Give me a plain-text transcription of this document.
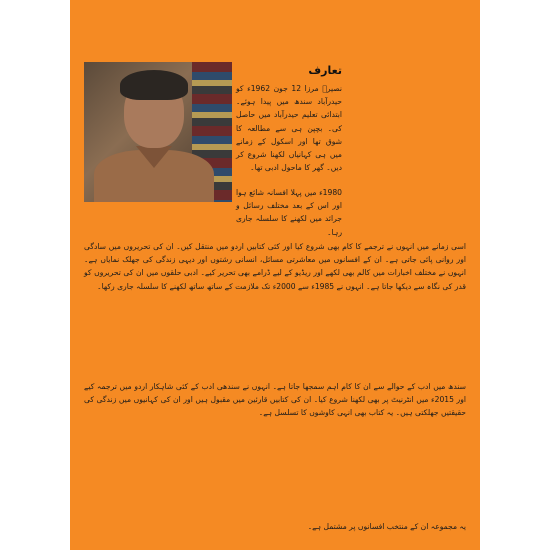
تعارف
نصیرؔ مرزا 12 جون 1962ء کو حیدرآباد سندھ میں پیدا ہوئے۔ ابتدائی تعلیم حیدرآباد میں حاصل کی۔ بچپن ہی سے مطالعہ کا شوق تھا اور اسکول کے زمانے میں ہی کہانیاں لکھنا شروع کر دیں۔ گھر کا ماحول ادبی تھا۔
1980ء میں پہلا افسانہ شائع ہوا اور اس کے بعد مختلف رسائل و جرائد میں لکھنے کا سلسلہ جاری رہا۔
اسی زمانے میں انہوں نے ترجمے کا کام بھی شروع کیا اور کئی کتابیں اردو میں منتقل کیں۔ ان کی تحریروں میں سادگی اور روانی پائی جاتی ہے۔ ان کے افسانوں میں معاشرتی مسائل، انسانی رشتوں اور دیہی زندگی کی جھلک نمایاں ہے۔ انہوں نے مختلف اخبارات میں کالم بھی لکھے اور ریڈیو کے لیے ڈرامے بھی تحریر کیے۔ ادبی حلقوں میں ان کی تحریروں کو قدر کی نگاہ سے دیکھا جاتا ہے۔ انہوں نے 1985ء سے 2000ء تک ملازمت کے ساتھ ساتھ لکھنے کا سلسلہ جاری رکھا۔
سندھ میں ادب کے حوالے سے ان کا کام اہم سمجھا جاتا ہے۔ انہوں نے سندھی ادب کے کئی شاہکار اردو میں ترجمہ کیے اور 2015ء میں انٹرنیٹ پر بھی لکھنا شروع کیا۔ ان کی کتابیں قارئین میں مقبول ہیں اور ان کی کہانیوں میں زندگی کی حقیقتیں جھلکتی ہیں۔ یہ کتاب بھی انہی کاوشوں کا تسلسل ہے۔
یہ مجموعہ ان کے منتخب افسانوں پر مشتمل ہے۔
